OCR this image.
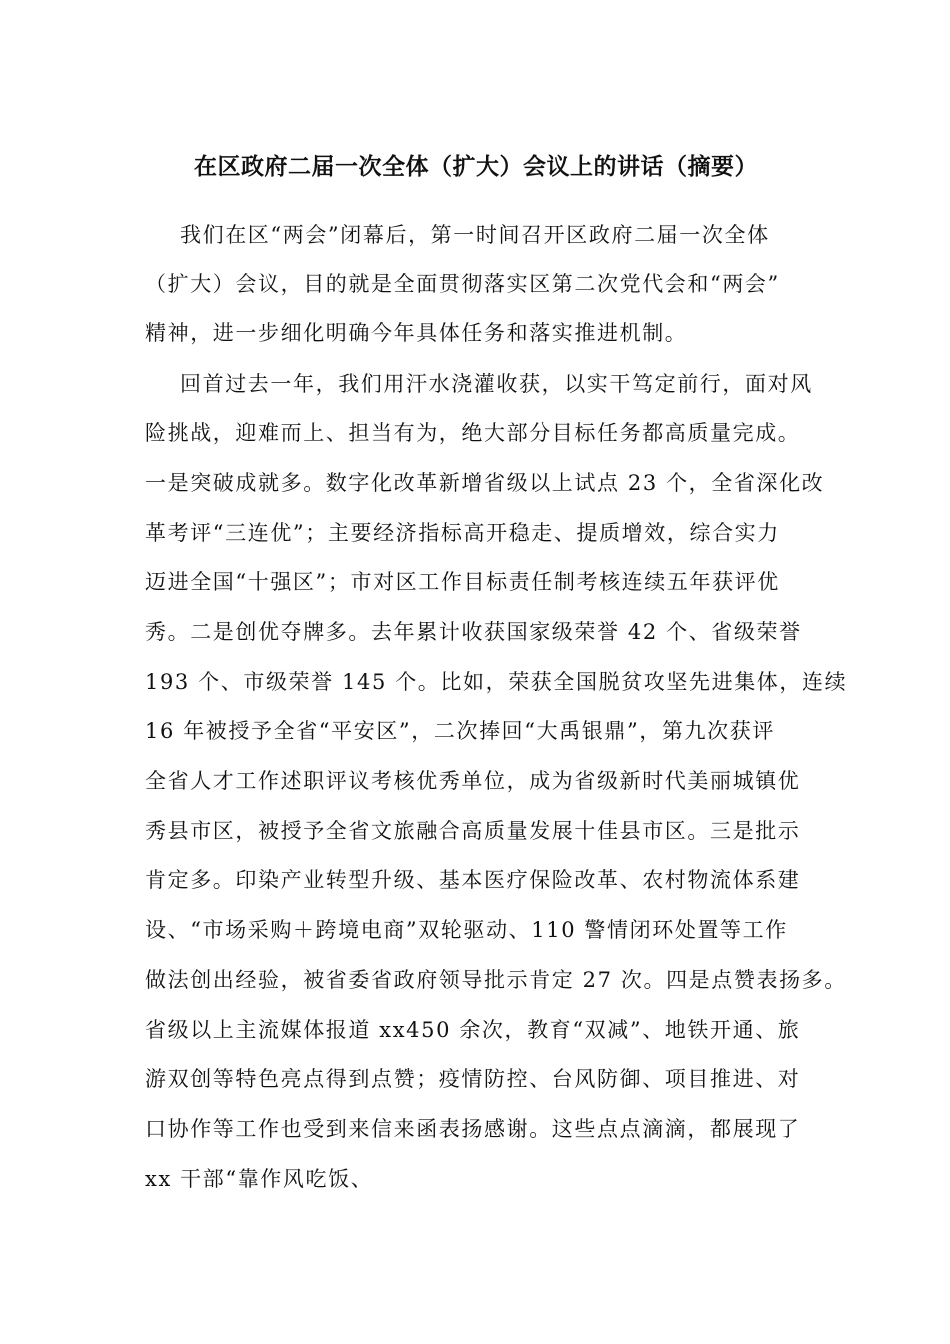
在区政府二届一次全体（扩大）会议上的讲话（摘要）
我们在区“两会”闭幕后，第一时间召开区政府二届一次全体
（扩大）会议，目的就是全面贯彻落实区第二次党代会和“两会”
精神，进一步细化明确今年具体任务和落实推进机制。
回首过去一年，我们用汗水浇灌收获，以实干笃定前行，面对风
险挑战，迎难而上、担当有为，绝大部分目标任务都高质量完成。
一是突破成就多。数字化改革新增省级以上试点 23 个，全省深化改
革考评“三连优”；主要经济指标高开稳走、提质增效，综合实力
迈进全国“十强区”；市对区工作目标责任制考核连续五年获评优
秀。二是创优夺牌多。去年累计收获国家级荣誉 42 个、省级荣誉
193 个、市级荣誉 145 个。比如，荣获全国脱贫攻坚先进集体，连续
16 年被授予全省“平安区”，二次捧回“大禹银鼎”，第九次获评
全省人才工作述职评议考核优秀单位，成为省级新时代美丽城镇优
秀县市区，被授予全省文旅融合高质量发展十佳县市区。三是批示
肯定多。印染产业转型升级、基本医疗保险改革、农村物流体系建
设、“市场采购＋跨境电商”双轮驱动、110 警情闭环处置等工作
做法创出经验，被省委省政府领导批示肯定 27 次。四是点赞表扬多。
省级以上主流媒体报道 xx450 余次，教育“双减”、地铁开通、旅
游双创等特色亮点得到点赞；疫情防控、台风防御、项目推进、对
口协作等工作也受到来信来函表扬感谢。这些点点滴滴，都展现了
xx 干部“靠作风吃饭、
